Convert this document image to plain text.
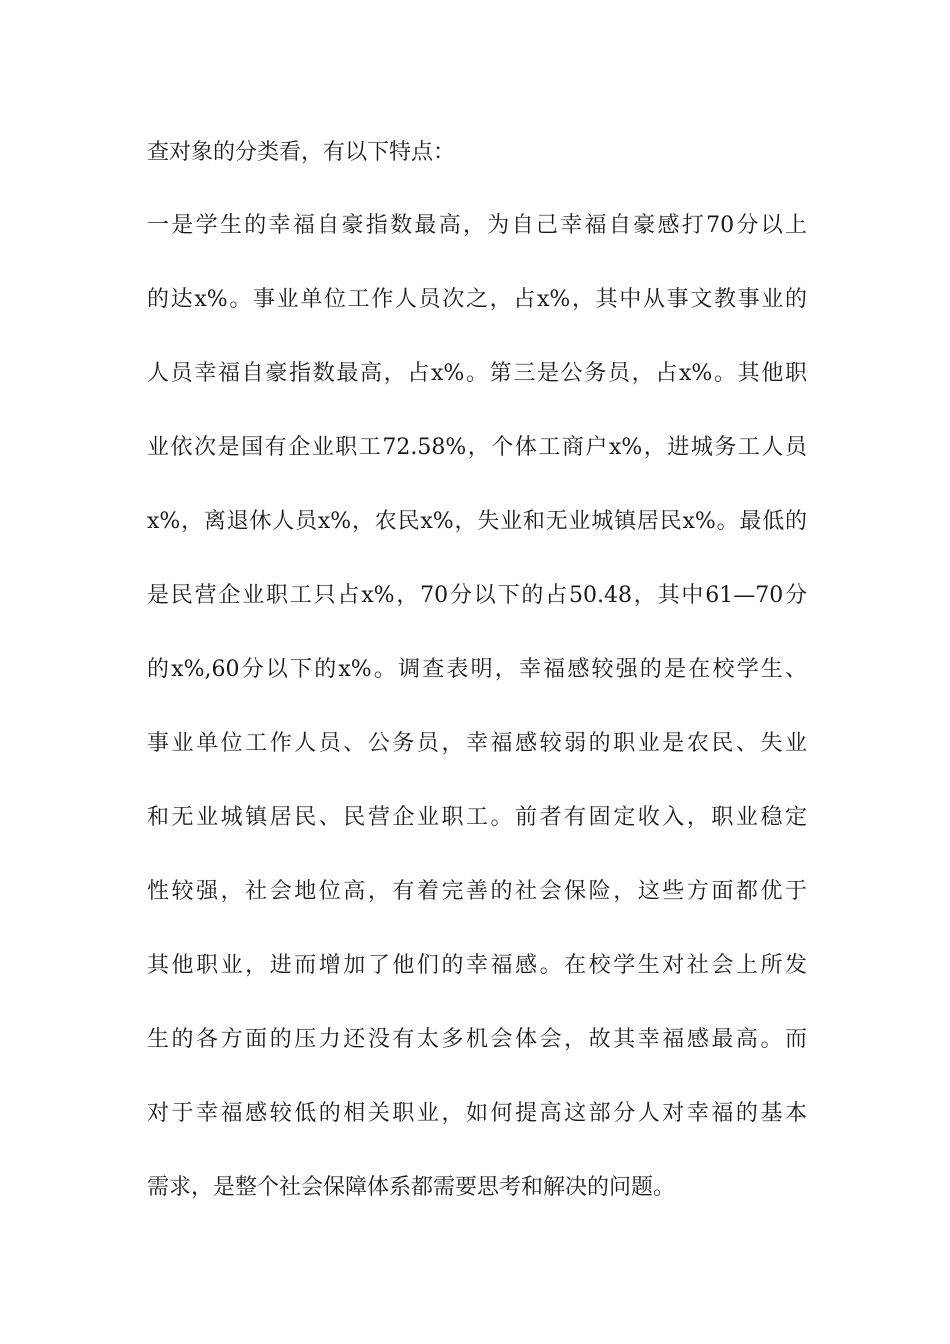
查对象的分类看，有以下特点：
一是学生的幸福自豪指数最高，为自己幸福自豪感打70分以上
的达x%。事业单位工作人员次之，占x%，其中从事文教事业的
人员幸福自豪指数最高，占x%。第三是公务员，占x%。其他职
业依次是国有企业职工72.58%，个体工商户x%，进城务工人员
x%，离退休人员x%，农民x%，失业和无业城镇居民x%。最低的
是民营企业职工只占x%，70分以下的占50.48，其中61—70分
的x%,60分以下的x%。调查表明，幸福感较强的是在校学生、
事业单位工作人员、公务员，幸福感较弱的职业是农民、失业
和无业城镇居民、民营企业职工。前者有固定收入，职业稳定
性较强，社会地位高，有着完善的社会保险，这些方面都优于
其他职业，进而增加了他们的幸福感。在校学生对社会上所发
生的各方面的压力还没有太多机会体会，故其幸福感最高。而
对于幸福感较低的相关职业，如何提高这部分人对幸福的基本
需求，是整个社会保障体系都需要思考和解决的问题。
